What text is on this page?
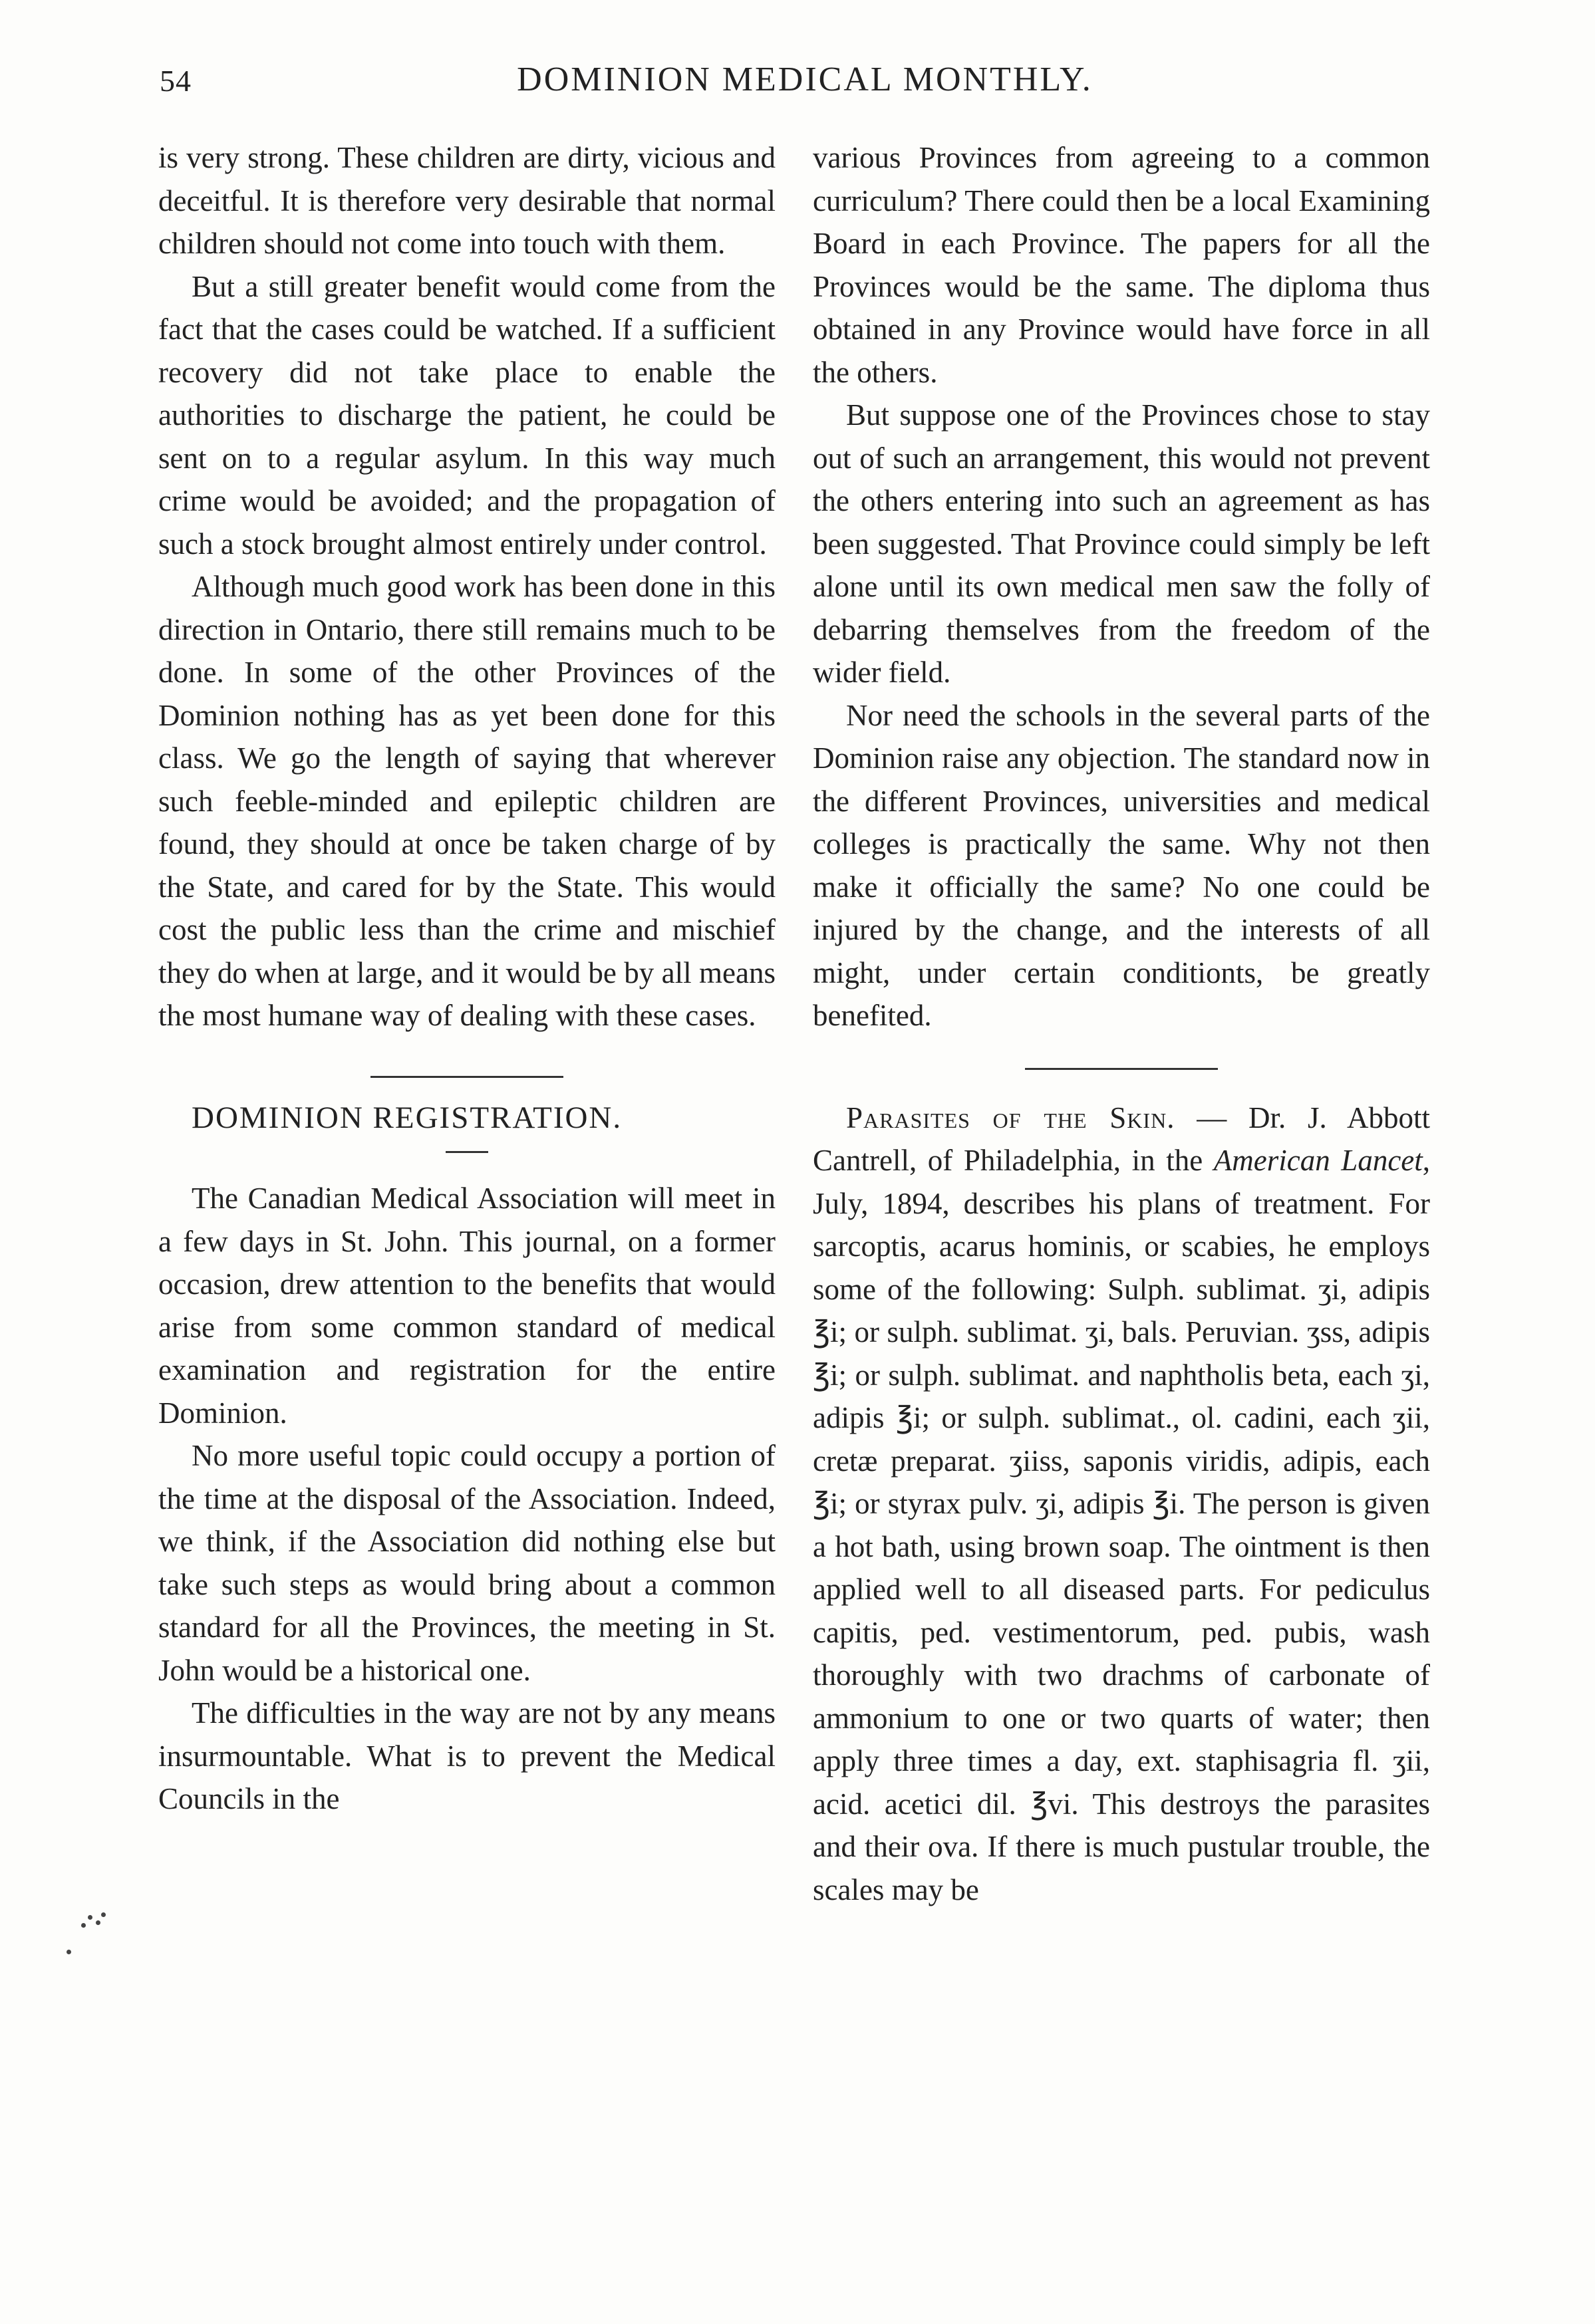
54	DOMINION MEDICAL MONTHLY.

is very strong. These children are dirty, vicious and deceitful. It is therefore very desirable that normal children should not come into touch with them.

But a still greater benefit would come from the fact that the cases could be watched. If a sufficient recovery did not take place to enable the authorities to discharge the patient, he could be sent on to a regular asylum. In this way much crime would be avoided; and the propagation of such a stock brought almost entirely under control.

Although much good work has been done in this direction in Ontario, there still remains much to be done. In some of the other Provinces of the Dominion nothing has as yet been done for this class. We go the length of saying that wherever such feeble-minded and epileptic children are found, they should at once be taken charge of by the State, and cared for by the State. This would cost the public less than the crime and mischief they do when at large, and it would be by all means the most humane way of dealing with these cases.

DOMINION REGISTRATION.

The Canadian Medical Association will meet in a few days in St. John. This journal, on a former occasion, drew attention to the benefits that would arise from some common standard of medical examination and registration for the entire Dominion.

No more useful topic could occupy a portion of the time at the disposal of the Association. Indeed, we think, if the Association did nothing else but take such steps as would bring about a common standard for all the Provinces, the meeting in St. John would be a historical one.

The difficulties in the way are not by any means insurmountable. What is to prevent the Medical Councils in the

various Provinces from agreeing to a common curriculum? There could then be a local Examining Board in each Province. The papers for all the Provinces would be the same. The diploma thus obtained in any Province would have force in all the others.

But suppose one of the Provinces chose to stay out of such an arrangement, this would not prevent the others entering into such an agreement as has been suggested. That Province could simply be left alone until its own medical men saw the folly of debarring themselves from the freedom of the wider field.

Nor need the schools in the several parts of the Dominion raise any objection. The standard now in the different Provinces, universities and medical colleges is practically the same. Why not then make it officially the same? No one could be injured by the change, and the interests of all might, under certain conditionts, be greatly benefited.

Parasites of the Skin. — Dr. J. Abbott Cantrell, of Philadelphia, in the American Lancet, July, 1894, describes his plans of treatment. For sarcoptis, acarus hominis, or scabies, he employs some of the following: Sulph. sublimat. ʒi, adipis ℥i; or sulph. sublimat. ʒi, bals. Peruvian. ʒss, adipis ℥i; or sulph. sublimat. and naphtholis beta, each ʒi, adipis ℥i; or sulph. sublimat., ol. cadini, each ʒii, cretæ preparat. ʒiiss, saponis viridis, adipis, each ℥i; or styrax pulv. ʒi, adipis ℥i. The person is given a hot bath, using brown soap. The ointment is then applied well to all diseased parts. For pediculus capitis, ped. vestimentorum, ped. pubis, wash thoroughly with two drachms of carbonate of ammonium to one or two quarts of water; then apply three times a day, ext. staphisagria fl. ʒii, acid. acetici dil. ℥vi. This destroys the parasites and their ova. If there is much pustular trouble, the scales may be
